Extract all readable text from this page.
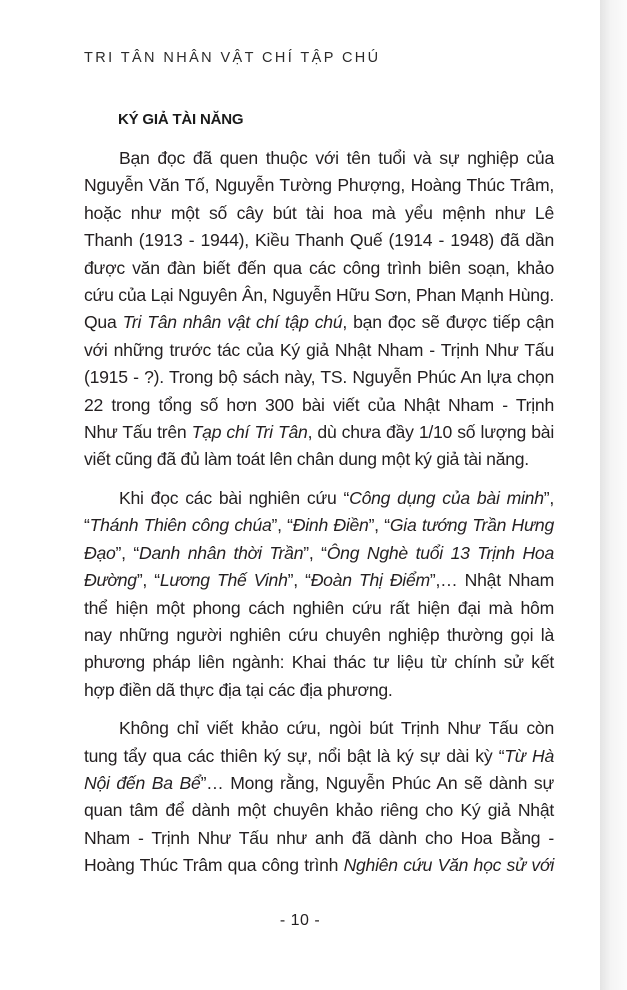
TRI TÂN NHÂN VẬT CHÍ TẬP CHÚ
KÝ GIẢ TÀI NĂNG
Bạn đọc đã quen thuộc với tên tuổi và sự nghiệp của
Nguyễn Văn Tố, Nguyễn Tường Phượng, Hoàng Thúc Trâm,
hoặc như một số cây bút tài hoa mà yểu mệnh như Lê
Thanh (1913 - 1944), Kiều Thanh Quế (1914 - 1948) đã dần
được văn đàn biết đến qua các công trình biên soạn, khảo
cứu của Lại Nguyên Ân, Nguyễn Hữu Sơn, Phan Mạnh Hùng.
Qua Tri Tân nhân vật chí tập chú, bạn đọc sẽ được tiếp cận
với những trước tác của Ký giả Nhật Nham - Trịnh Như Tấu
(1915 - ?). Trong bộ sách này, TS. Nguyễn Phúc An lựa chọn
22 trong tổng số hơn 300 bài viết của Nhật Nham - Trịnh
Như Tấu trên Tạp chí Tri Tân, dù chưa đầy 1/10 số lượng bài
viết cũng đã đủ làm toát lên chân dung một ký giả tài năng.
Khi đọc các bài nghiên cứu “Công dụng của bài minh”,
“Thánh Thiên công chúa”, “Đinh Điền”, “Gia tướng Trần Hưng
Đạo”, “Danh nhân thời Trần”, “Ông Nghè tuổi 13 Trịnh Hoa
Đường”, “Lương Thế Vinh”, “Đoàn Thị Điểm”,… Nhật Nham
thể hiện một phong cách nghiên cứu rất hiện đại mà hôm
nay những người nghiên cứu chuyên nghiệp thường gọi là
phương pháp liên ngành: Khai thác tư liệu từ chính sử kết
hợp điền dã thực địa tại các địa phương.
Không chỉ viết khảo cứu, ngòi bút Trịnh Như Tấu còn
tung tẩy qua các thiên ký sự, nổi bật là ký sự dài kỳ “Từ Hà
Nội đến Ba Bể”… Mong rằng, Nguyễn Phúc An sẽ dành sự
quan tâm để dành một chuyên khảo riêng cho Ký giả Nhật
Nham - Trịnh Như Tấu như anh đã dành cho Hoa Bằng -
Hoàng Thúc Trâm qua công trình Nghiên cứu Văn học sử với
- 10 -
